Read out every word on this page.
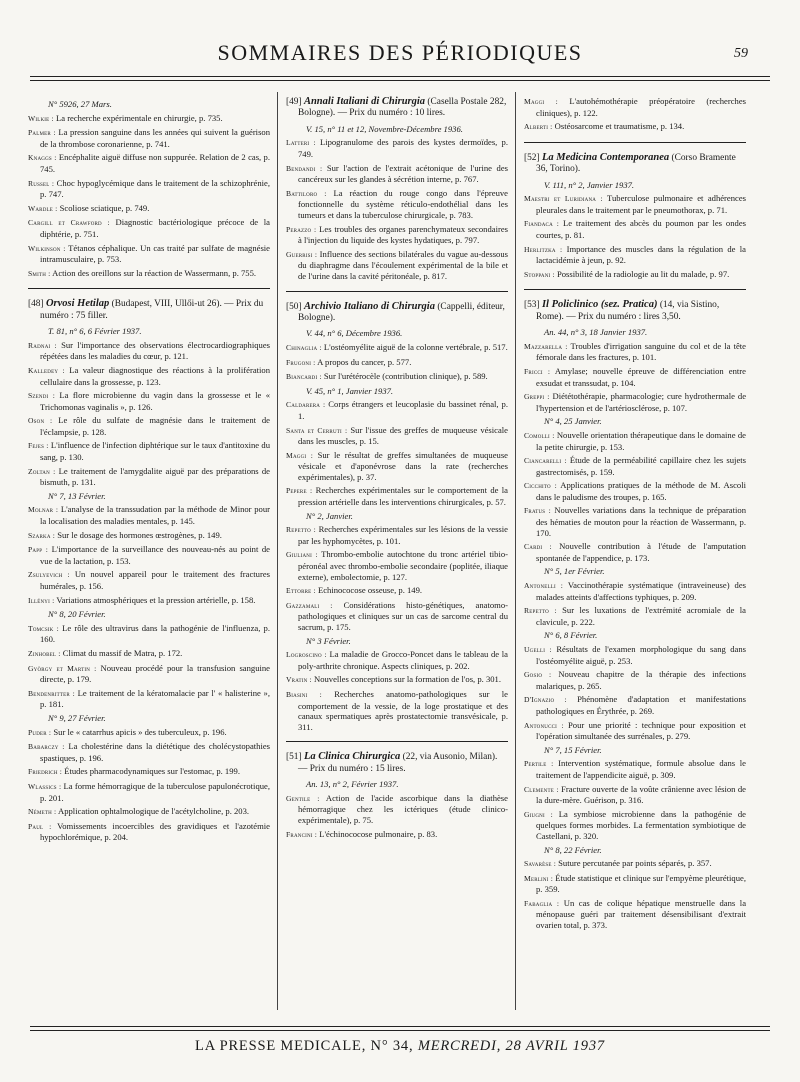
SOMMAIRES DES PÉRIODIQUES	59
N° 5926, 27 Mars.
Wilkie : La recherche expérimentale en chirurgie, p. 735.
Palmer : La pression sanguine dans les années qui suivent la guérison de la thrombose coronarienne, p. 741.
Knaggs : Encéphalite aiguë diffuse non suppurée. Relation de 2 cas, p. 745.
Russel : Choc hypoglycémique dans le traitement de la schizophrénie, p. 747.
Wardle : Scoliose sciatique, p. 749.
Cargill et Crawford : Diagnostic bactériologique précoce de la diphtérie, p. 751.
Wilkinson : Tétanos céphalique. Un cas traité par sulfate de magnésie intramusculaire, p. 753.
Smith : Action des oreillons sur la réaction de Wassermann, p. 755.
[48] Orvosi Hetilap (Budapest, VIII, Ullői-ut 26). — Prix du numéro : 75 filler.
T. 81, n° 6, 6 Février 1937.
Radnai : Sur l'importance des observations électrocardiographiques répétées dans les maladies du cœur, p. 121.
Kalledey : La valeur diagnostique des réactions à la prolifération cellulaire dans la grossesse, p. 123.
Szendi : La flore microbienne du vagin dans la grossesse et le « Trichomonas vaginalis », p. 126.
Oson : Le rôle du sulfate de magnésie dans le traitement de l'éclampsie, p. 128.
Fejes : L'influence de l'infection diphtérique sur le taux d'antitoxine du sang, p. 130.
Zoltan : Le traitement de l'amygdalite aiguë par des préparations de bismuth, p. 131.
N° 7, 13 Février.
Molnar : L'analyse de la transsudation par la méthode de Minor pour la localisation des maladies mentales, p. 145.
Szarka : Sur le dosage des hormones œstrogènes, p. 149.
Papp : L'importance de la surveillance des nouveau-nés au point de vue de la lactation, p. 153.
Zsulyevich : Un nouvel appareil pour le traitement des fractures humérales, p. 156.
Illényi : Variations atmosphériques et la pression artérielle, p. 158.
N° 8, 20 Février.
Tomcsik : Le rôle des ultravirus dans la pathogénie de l'influenza, p. 160.
Zinhobel : Climat du massif de Matra, p. 172.
György et Martin : Nouveau procédé pour la transfusion sanguine directe, p. 179.
Bendenritter : Le traitement de la kératomalacie par l' « halisterine », p. 181.
N° 9, 27 Février.
Puder : Sur le « catarrhus apicis » des tuberculeux, p. 196.
Babarczy : La cholestérine dans la diététique des cholécystopathies spastiques, p. 196.
Friedrich : Études pharmacodynamiques sur l'estomac, p. 199.
Wlassics : La forme hémorragique de la tuberculose papulonécrotique, p. 201.
Németh : Application ophtalmologique de l'acétylcholine, p. 203.
Paul : Vomissements incoercibles des gravidiques et l'azotémie hypochlorémique, p. 204.
[49] Annali Italiani di Chirurgia (Casella Postale 282, Bologne). — Prix du numéro : 10 lires.
V. 15, n° 11 et 12, Novembre-Décembre 1936.
Latteri : Lipogranulome des parois des kystes dermoïdes, p. 749.
Bendandi : Sur l'action de l'extrait acétonique de l'urine des cancéreux sur les glandes à sécrétion interne, p. 767.
Battiloro : La réaction du rouge congo dans l'épreuve fonctionnelle du système réticulo-endothélial dans les tumeurs et dans la tuberculose chirurgicale, p. 783.
Perazzo : Les troubles des organes parenchymateux secondaires à l'injection du liquide des kystes hydatiques, p. 797.
Guerrisi : Influence des sections bilatérales du vague au-dessous du diaphragme dans l'écoulement expérimental de la bile et de l'urine dans la cavité péritonéale, p. 817.
[50] Archivio Italiano di Chirurgia (Cappelli, éditeur, Bologne).
V. 44, n° 6, Décembre 1936.
Chinaglia : L'ostéomyélite aiguë de la colonne vertébrale, p. 517.
Frugoni : A propos du cancer, p. 577.
Biancardi : Sur l'urétérocèle (contribution clinique), p. 589.
V. 45, n° 1, Janvier 1937.
Caldarera : Corps étrangers et leucoplasie du bassinet rénal, p. 1.
Santa et Cerruti : Sur l'issue des greffes de muqueuse vésicale dans les muscles, p. 15.
Maggi : Sur le résultat de greffes simultanées de muqueuse vésicale et d'aponévrose dans la rate (recherches expérimentales), p. 37.
Pepere : Recherches expérimentales sur le comportement de la pression artérielle dans les interventions chirurgicales, p. 57.
N° 2, Janvier.
Repetto : Recherches expérimentales sur les lésions de la vessie par les hyphomycètes, p. 101.
Giuliani : Thrombo-embolie autochtone du tronc artériel tibio-péronéal avec thrombo-embolie secondaire (poplitée, iliaque externe), embolectomie, p. 127.
Ettorre : Echinococose osseuse, p. 149.
Gazzamali : Considérations histo-génétiques, anatomo-pathologiques et cliniques sur un cas de sarcome central du sacrum, p. 175.
N° 3 Février.
Logroscino : La maladie de Grocco-Poncet dans le tableau de la poly-arthrite chronique. Aspects cliniques, p. 202.
Vratin : Nouvelles conceptions sur la formation de l'os, p. 301.
Biasini : Recherches anatomo-pathologiques sur le comportement de la vessie, de la loge prostatique et des canaux spermatiques après prostatectomie transvésicale, p. 311.
[51] La Clinica Chirurgica (22, via Ausonio, Milan). — Prix du numéro : 15 lires.
An. 13, n° 2, Février 1937.
Gentile : Action de l'acide ascorbique dans la diathèse hémorragique chez les ictériques (étude clinico-expérimentale), p. 75.
Francini : L'échinococose pulmonaire, p. 83.
Maggi : L'autohémothérapie préopératoire (recherches cliniques), p. 122.
Alberti : Ostéosarcome et traumatisme, p. 134.
[52] La Medicina Contemporanea (Corso Bramente 36, Torino).
V. 111, n° 2, Janvier 1937.
Maestri et Luridiana : Tuberculose pulmonaire et adhérences pleurales dans le traitement par le pneumothorax, p. 71.
Fiandaca : Le traitement des abcès du poumon par les ondes courtes, p. 81.
Herlitzka : Importance des muscles dans la régulation de la lactacidémie à jeun, p. 92.
Stoppani : Possibilité de la radiologie au lit du malade, p. 97.
[53] Il Policlinico (sez. Pratica) (14, via Sistino, Rome). — Prix du numéro : lires 3,50.
An. 44, n° 3, 18 Janvier 1937.
Mazzarella : Troubles d'irrigation sanguine du col et de la tête fémorale dans les fractures, p. 101.
Fricci : Amylase; nouvelle épreuve de différenciation entre exsudat et transsudat, p. 104.
Greppi : Diététothérapie, pharmacologie; cure hydrothermale de l'hypertension et de l'artériosclérose, p. 107.
N° 4, 25 Janvier.
Comolli : Nouvelle orientation thérapeutique dans le domaine de la petite chirurgie, p. 153.
Ciancarelli : Étude de la perméabilité capillaire chez les sujets gastrectomisés, p. 159.
Cicchito : Applications pratiques de la méthode de M. Ascoli dans le paludisme des troupes, p. 165.
Fratus : Nouvelles variations dans la technique de préparation des hématies de mouton pour la réaction de Wassermann, p. 170.
Cardi : Nouvelle contribution à l'étude de l'amputation spontanée de l'appendice, p. 173.
N° 5, 1er Février.
Antonelli : Vaccinothérapie systématique (intraveineuse) des malades atteints d'affections typhiques, p. 209.
Repetto : Sur les luxations de l'extrémité acromiale de la clavicule, p. 222.
N° 6, 8 Février.
Ugelli : Résultats de l'examen morphologique du sang dans l'ostéomyélite aiguë, p. 253.
Gosio : Nouveau chapitre de la thérapie des infections malariques, p. 265.
D'Ignazio : Phénomène d'adaptation et manifestations pathologiques en Érythrée, p. 269.
Antonucci : Pour une priorité : technique pour exposition et l'opération simultanée des surrénales, p. 279.
N° 7, 15 Février.
Pertile : Intervention systématique, formule absolue dans le traitement de l'appendicite aiguë, p. 309.
Clemente : Fracture ouverte de la voûte crânienne avec lésion de la dure-mère. Guérison, p. 316.
Giugni : La symbiose microbienne dans la pathogénie de quelques formes morbides. La fermentation symbiotique de Castellani, p. 320.
N° 8, 22 Février.
Savarèse : Suture percutanée par points séparés, p. 357.
Merlini : Étude statistique et clinique sur l'empyème pleurétique, p. 359.
Fabaglia : Un cas de colique hépatique menstruelle dans la ménopause guéri par traitement désensibilisant d'extrait ovarien total, p. 373.
LA PRESSE MEDICALE, N° 34, MERCREDI, 28 AVRIL 1937
